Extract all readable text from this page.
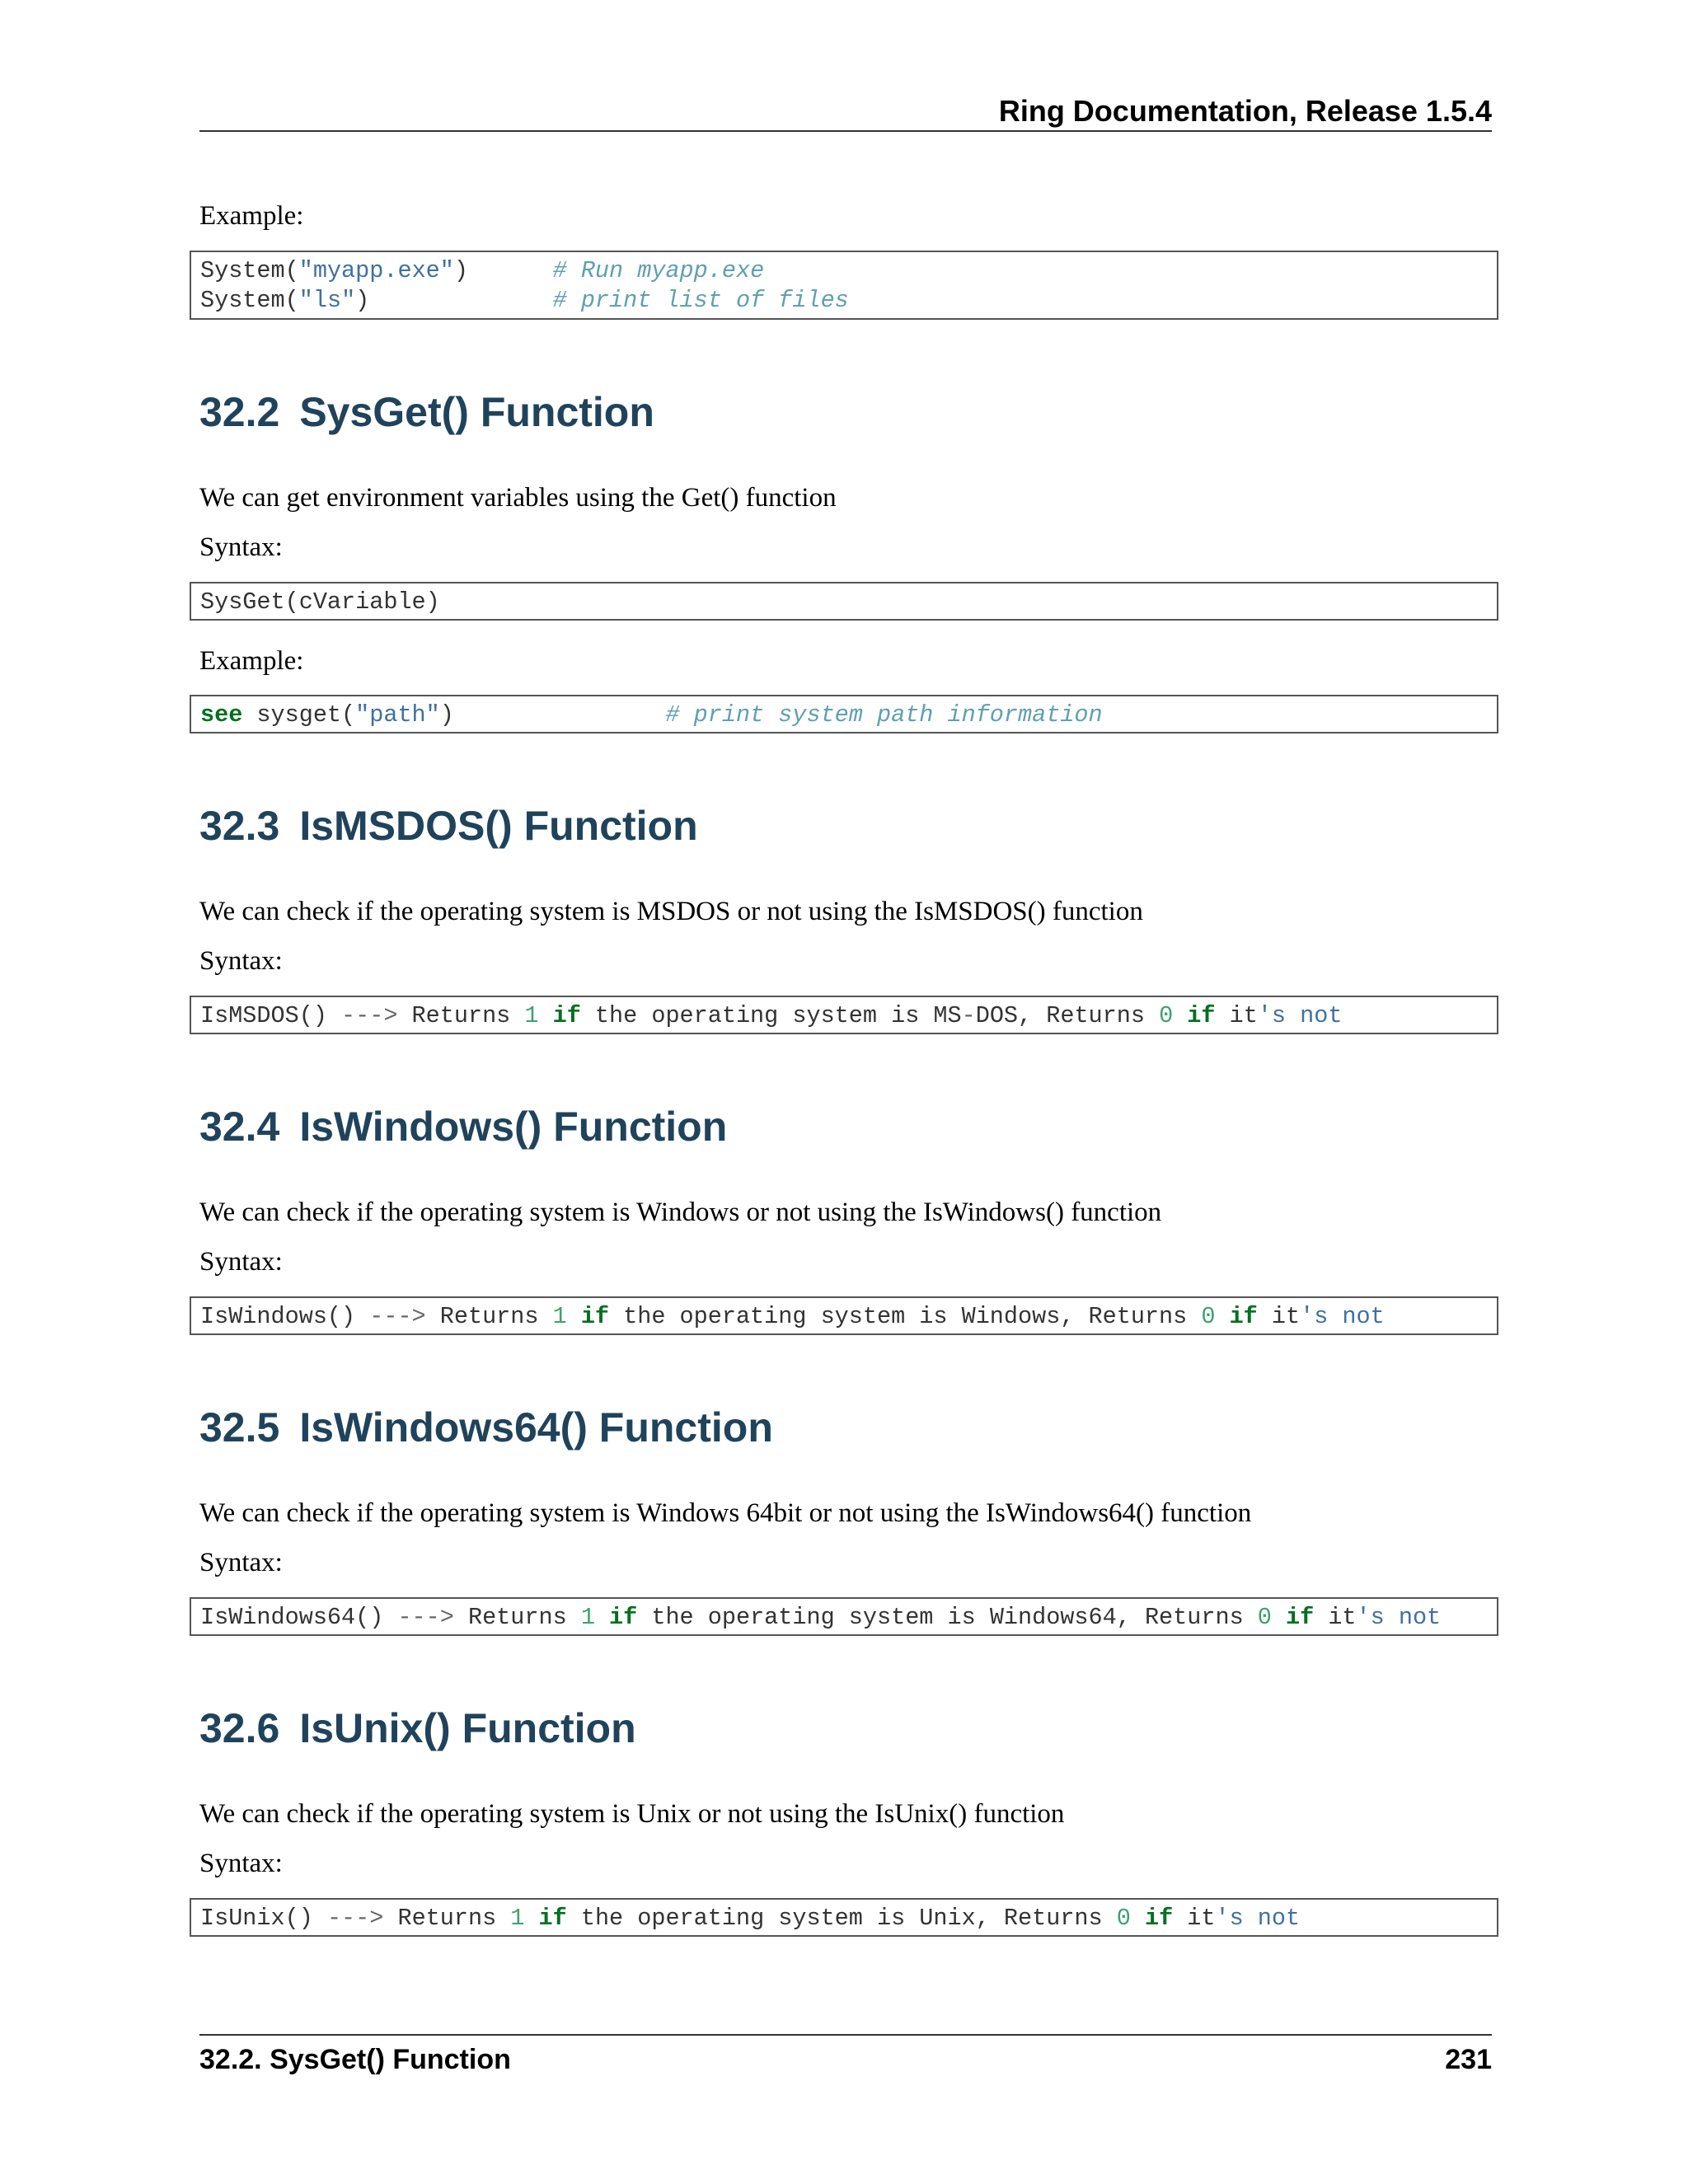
Ring Documentation, Release 1.5.4

Example:

System("myapp.exe")	# Run myapp.exe
System("ls")	# print list of files
32.2 SysGet() Function

We can get environment variables using the Get() function

Syntax:

SysGet(cVariable)

Example:

see sysget("path")	# print system path information
32.3 IsMSDOS() Function

We can check if the operating system is MSDOS or not using the IsMSDOS() function

Syntax:

IsMSDOS() ---> Returns 1 if the operating system is MS-DOS, Returns 0 if it's not
32.4 IsWindows() Function

We can check if the operating system is Windows or not using the IsWindows() function

Syntax:

IsWindows() ---> Returns 1 if the operating system is Windows, Returns 0 if it's not
32.5 IsWindows64() Function

We can check if the operating system is Windows 64bit or not using the IsWindows64() function

Syntax:

IsWindows64() ---> Returns 1 if the operating system is Windows64, Returns 0 if it's not
32.6 IsUnix() Function

We can check if the operating system is Unix or not using the IsUnix() function

Syntax:

IsUnix() ---> Returns 1 if the operating system is Unix, Returns 0 if it's not
32.2. SysGet() Function	231
